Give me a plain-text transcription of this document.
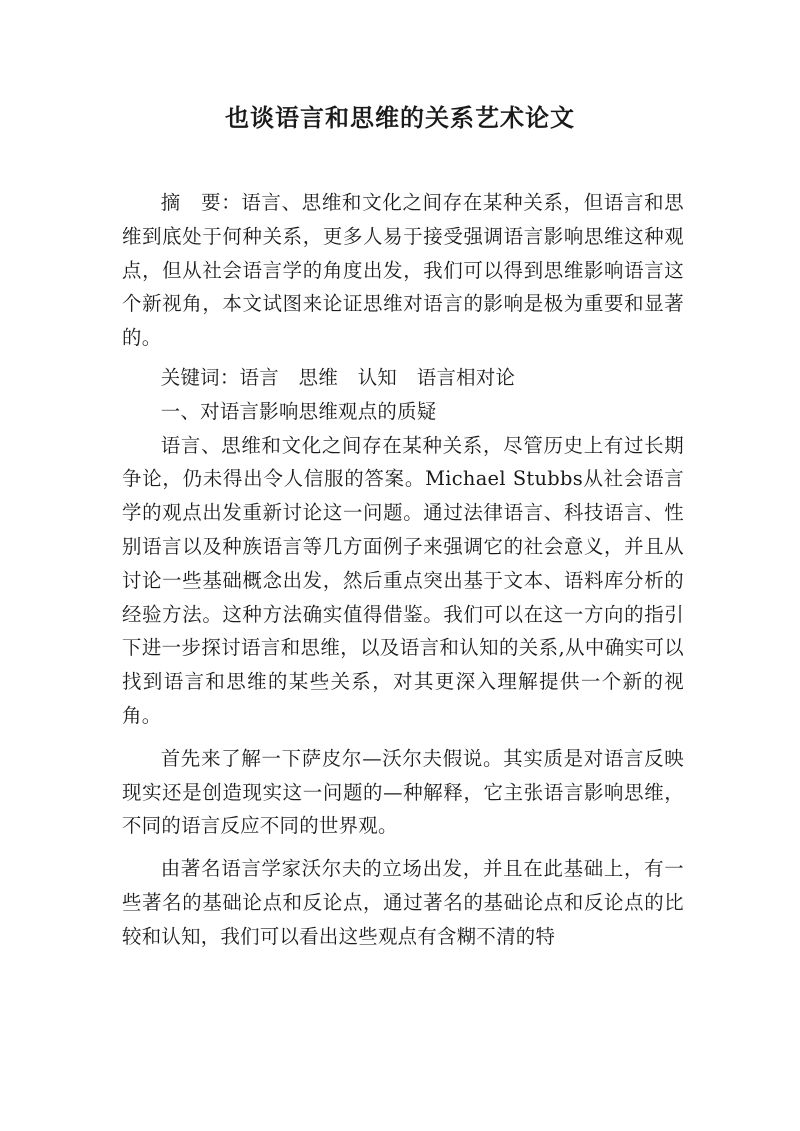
也谈语言和思维的关系艺术论文

摘　要：语言、思维和文化之间存在某种关系，但语言和思维到底处于何种关系，更多人易于接受强调语言影响思维这种观点，但从社会语言学的角度出发，我们可以得到思维影响语言这个新视角，本文试图来论证思维对语言的影响是极为重要和显著的。

关键词：语言　思维　认知　语言相对论

一、对语言影响思维观点的质疑

语言、思维和文化之间存在某种关系，尽管历史上有过长期争论，仍未得出令人信服的答案。Michael Stubbs从社会语言学的观点出发重新讨论这一问题。通过法律语言、科技语言、性别语言以及种族语言等几方面例子来强调它的社会意义，并且从讨论一些基础概念出发，然后重点突出基于文本、语料库分析的经验方法。这种方法确实值得借鉴。我们可以在这一方向的指引下进一步探讨语言和思维，以及语言和认知的关系,从中确实可以找到语言和思维的某些关系，对其更深入理解提供一个新的视角。

首先来了解一下萨皮尔—沃尔夫假说。其实质是对语言反映现实还是创造现实这一问题的—种解释，它主张语言影响思维，不同的语言反应不同的世界观。

由著名语言学家沃尔夫的立场出发，并且在此基础上，有一些著名的基础论点和反论点，通过著名的基础论点和反论点的比较和认知，我们可以看出这些观点有含糊不清的特
